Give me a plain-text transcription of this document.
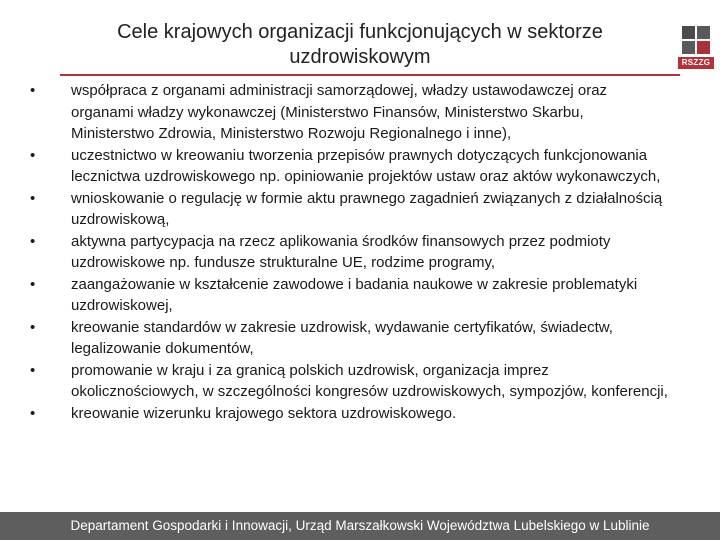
Cele krajowych organizacji funkcjonujących w sektorze uzdrowiskowym	RSZZG
•	współpraca z organami administracji samorządowej, władzy ustawodawczej oraz organami władzy wykonawczej (Ministerstwo Finansów, Ministerstwo Skarbu, Ministerstwo Zdrowia, Ministerstwo Rozwoju Regionalnego i inne),
•	uczestnictwo w kreowaniu tworzenia przepisów prawnych dotyczących funkcjonowania lecznictwa uzdrowiskowego np. opiniowanie projektów ustaw oraz aktów wykonawczych,
•	wnioskowanie o regulację w formie aktu prawnego zagadnień związanych z działalnością uzdrowiskową,
•	aktywna partycypacja na rzecz aplikowania środków finansowych przez podmioty uzdrowiskowe np. fundusze strukturalne UE, rodzime programy,
•	zaangażowanie w kształcenie zawodowe i badania naukowe w zakresie problematyki uzdrowiskowej,
•	kreowanie standardów w zakresie uzdrowisk, wydawanie certyfikatów, świadectw, legalizowanie dokumentów,
•	promowanie w kraju i za granicą polskich uzdrowisk, organizacja imprez okolicznościowych, w szczególności kongresów uzdrowiskowych, sympozjów, konferencji,
•	kreowanie wizerunku krajowego sektora uzdrowiskowego.
Departament Gospodarki i Innowacji, Urząd Marszałkowski Województwa Lubelskiego w Lublinie
